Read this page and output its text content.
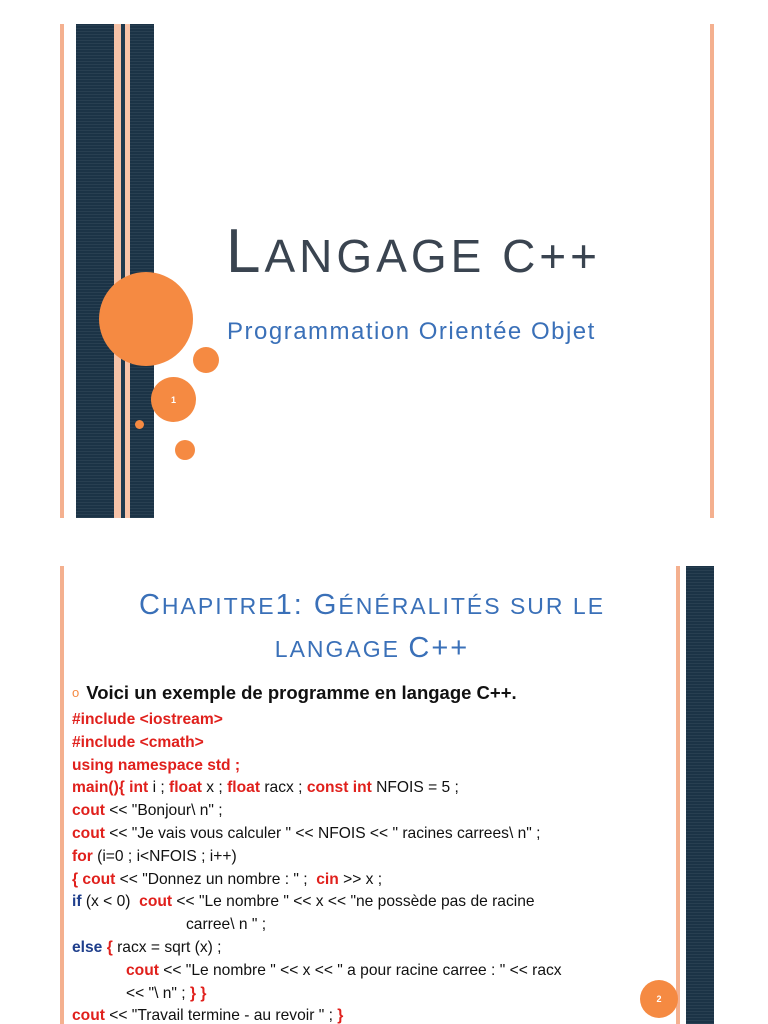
1
LANGAGE C++

Programmation Orientée Objet

CHAPITRE1: GÉNÉRALITÉS SUR LE
LANGAGE C++
o Voici un exemple de programme en langage C++.
#include <iostream>
#include <cmath>
using namespace std ;
main(){ int i ; float x ; float racx ; const int NFOIS = 5 ;
cout << "Bonjour\ n" ;
cout << "Je vais vous calculer " << NFOIS << " racines carrees\ n" ;
for (i=0 ; i<NFOIS ; i++)
{ cout << "Donnez un nombre : " ;  cin >> x ;
if (x < 0)  cout << "Le nombre " << x << "ne possède pas de racine
carree\ n " ;
else { racx = sqrt (x) ;
cout << "Le nombre " << x << " a pour racine carree : " << racx
<< "\ n" ; } }
cout << "Travail termine - au revoir " ; }
2
